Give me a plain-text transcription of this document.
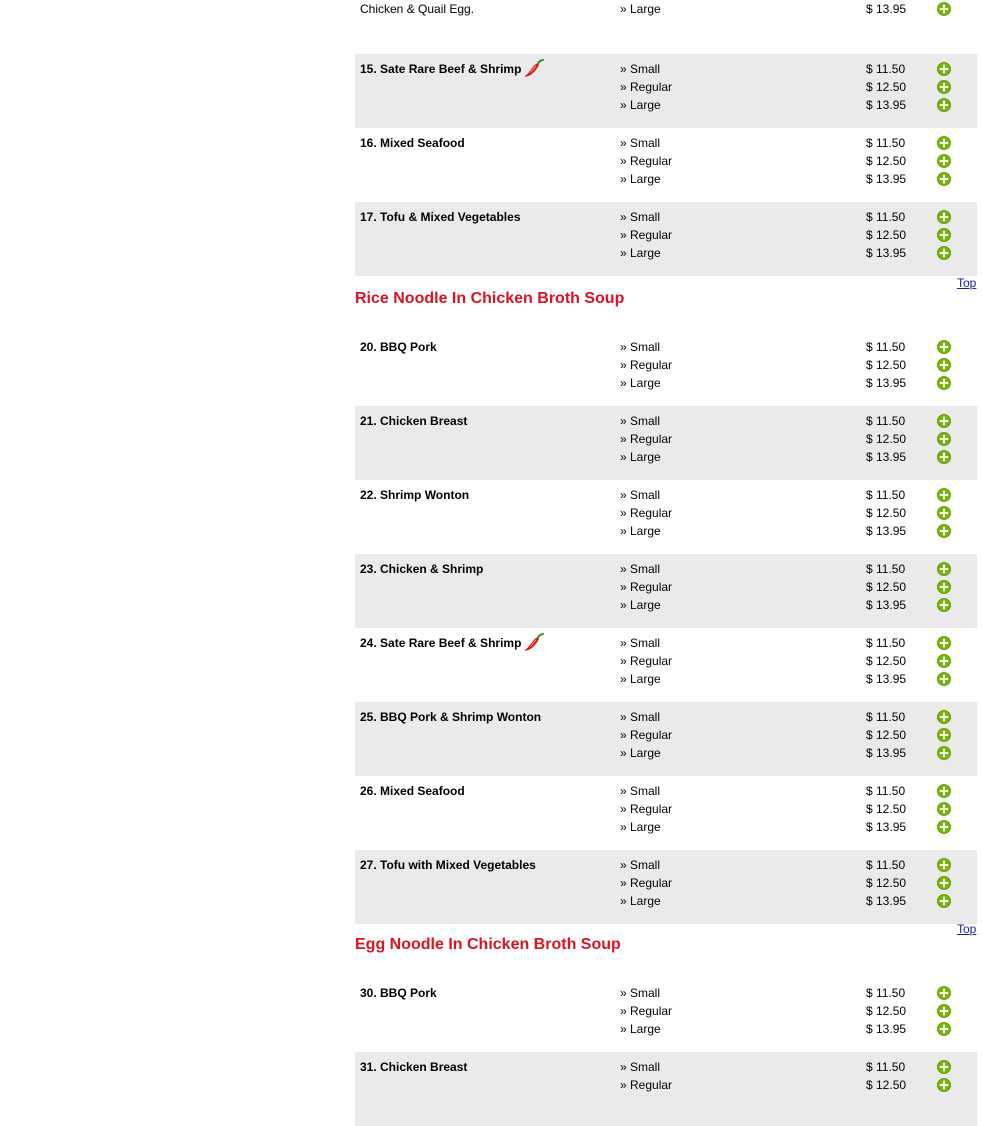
Chicken & Quail Egg.	» Large	$ 13.95
15. Sate Rare Beef & Shrimp	» Small	$ 11.50
» Regular	$ 12.50
» Large	$ 13.95
16. Mixed Seafood	» Small	$ 11.50
» Regular	$ 12.50
» Large	$ 13.95
17. Tofu & Mixed Vegetables	» Small	$ 11.50
» Regular	$ 12.50
» Large	$ 13.95
Top
Rice Noodle In Chicken Broth Soup
20. BBQ Pork	» Small	$ 11.50
» Regular	$ 12.50
» Large	$ 13.95
21. Chicken Breast	» Small	$ 11.50
» Regular	$ 12.50
» Large	$ 13.95
22. Shrimp Wonton	» Small	$ 11.50
» Regular	$ 12.50
» Large	$ 13.95
23. Chicken & Shrimp	» Small	$ 11.50
» Regular	$ 12.50
» Large	$ 13.95
24. Sate Rare Beef & Shrimp	» Small	$ 11.50
» Regular	$ 12.50
» Large	$ 13.95
25. BBQ Pork & Shrimp Wonton	» Small	$ 11.50
» Regular	$ 12.50
» Large	$ 13.95
26. Mixed Seafood	» Small	$ 11.50
» Regular	$ 12.50
» Large	$ 13.95
27. Tofu with Mixed Vegetables	» Small	$ 11.50
» Regular	$ 12.50
» Large	$ 13.95
Top
Egg Noodle In Chicken Broth Soup
30. BBQ Pork	» Small	$ 11.50
» Regular	$ 12.50
» Large	$ 13.95
31. Chicken Breast	» Small	$ 11.50
» Regular	$ 12.50
